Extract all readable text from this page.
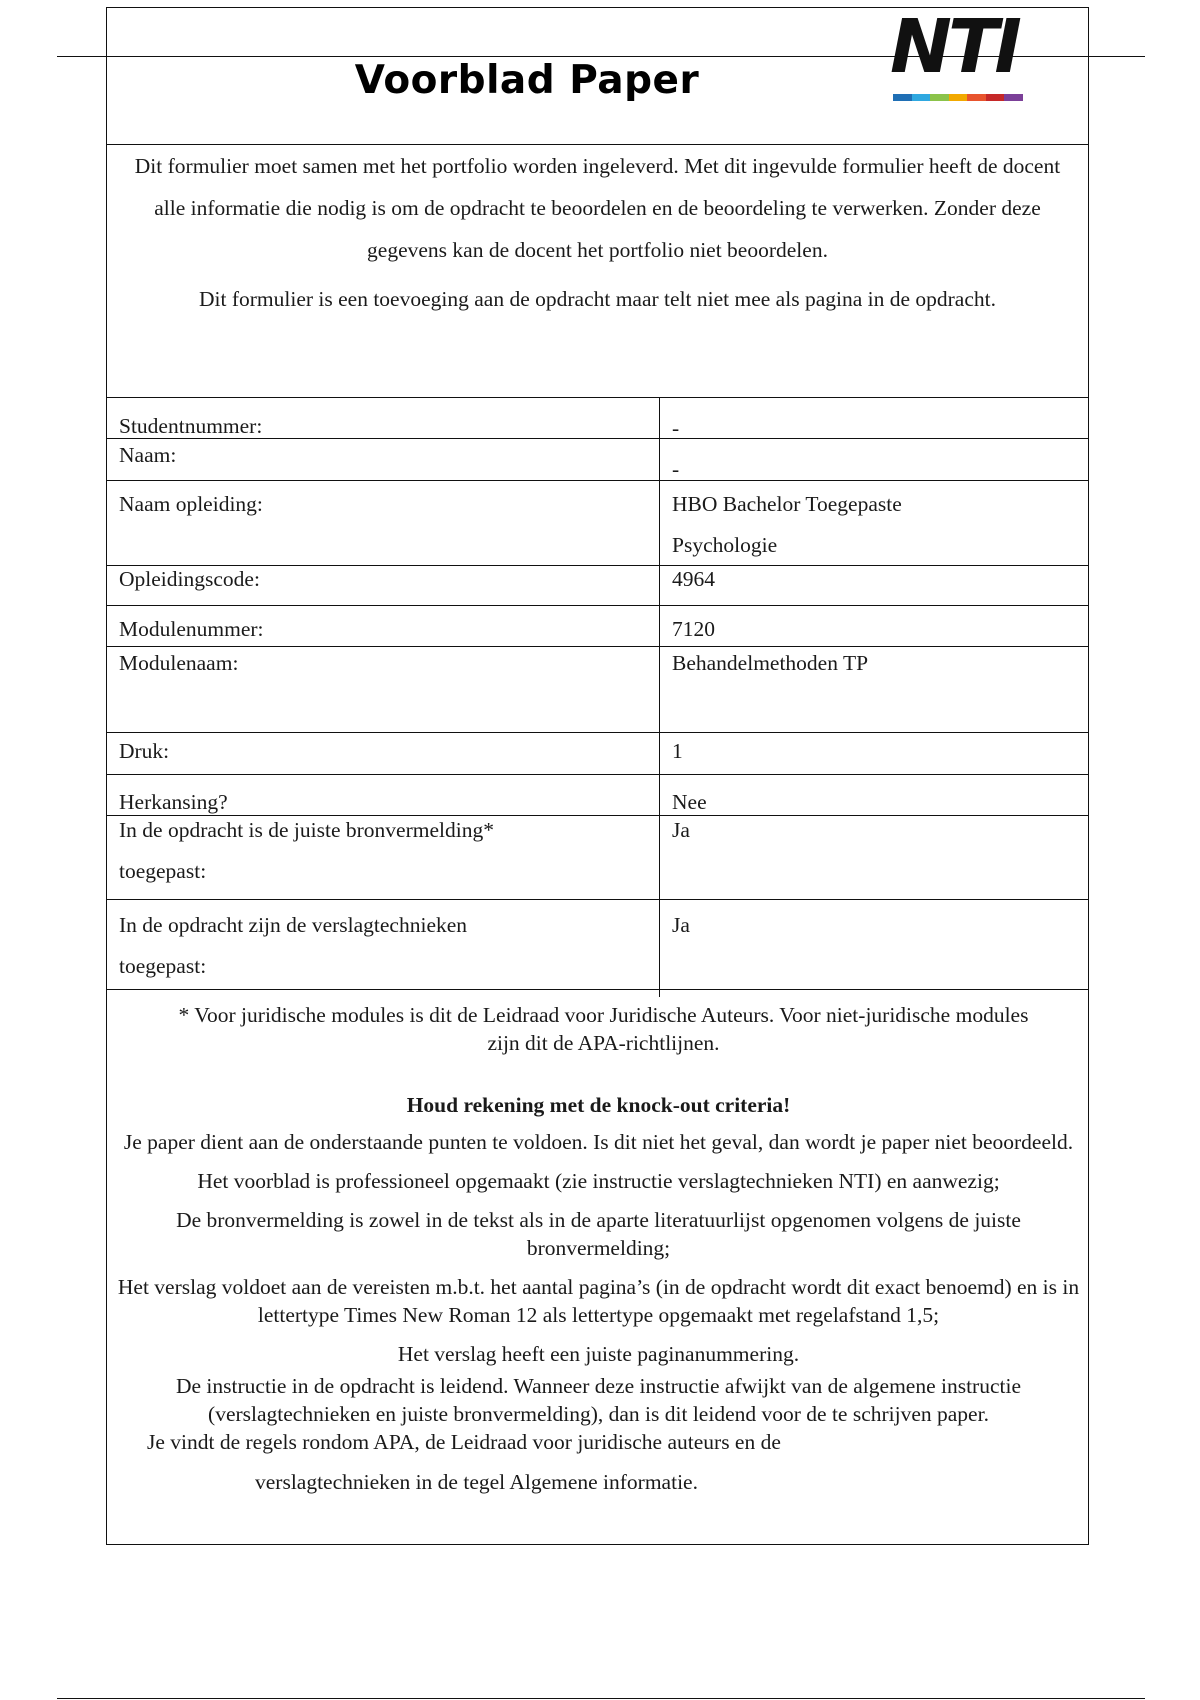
Voorblad Paper	NTI

Dit formulier moet samen met het portfolio worden ingeleverd. Met dit ingevulde formulier heeft de docent alle informatie die nodig is om de opdracht te beoordelen en de beoordeling te verwerken. Zonder deze gegevens kan de docent het portfolio niet beoordelen.

Dit formulier is een toevoeging aan de opdracht maar telt niet mee als pagina in de opdracht.

Studentnummer:	-
Naam:
-
Naam opleiding:	HBO Bachelor Toegepaste Psychologie
Opleidingscode:	4964
Modulenummer:	7120
Modulenaam:	Behandelmethoden TP
Druk:	1
Herkansing?	Nee
In de opdracht is de juiste bronvermelding* toegepast:
Ja
In de opdracht zijn de verslagtechnieken toegepast:
Ja

* Voor juridische modules is dit de Leidraad voor Juridische Auteurs. Voor niet-juridische modules zijn dit de APA-richtlijnen.

Houd rekening met de knock-out criteria!

Je paper dient aan de onderstaande punten te voldoen. Is dit niet het geval, dan wordt je paper niet beoordeeld.

Het voorblad is professioneel opgemaakt (zie instructie verslagtechnieken NTI) en aanwezig;

De bronvermelding is zowel in de tekst als in de aparte literatuurlijst opgenomen volgens de juiste bronvermelding;

Het verslag voldoet aan de vereisten m.b.t. het aantal pagina’s (in de opdracht wordt dit exact benoemd) en is in lettertype Times New Roman 12 als lettertype opgemaakt met regelafstand 1,5;

Het verslag heeft een juiste paginanummering.

De instructie in de opdracht is leidend. Wanneer deze instructie afwijkt van de algemene instructie (verslagtechnieken en juiste bronvermelding), dan is dit leidend voor de te schrijven paper.

Je vindt de regels rondom APA, de Leidraad voor juridische auteurs en de

verslagtechnieken in de tegel Algemene informatie.
